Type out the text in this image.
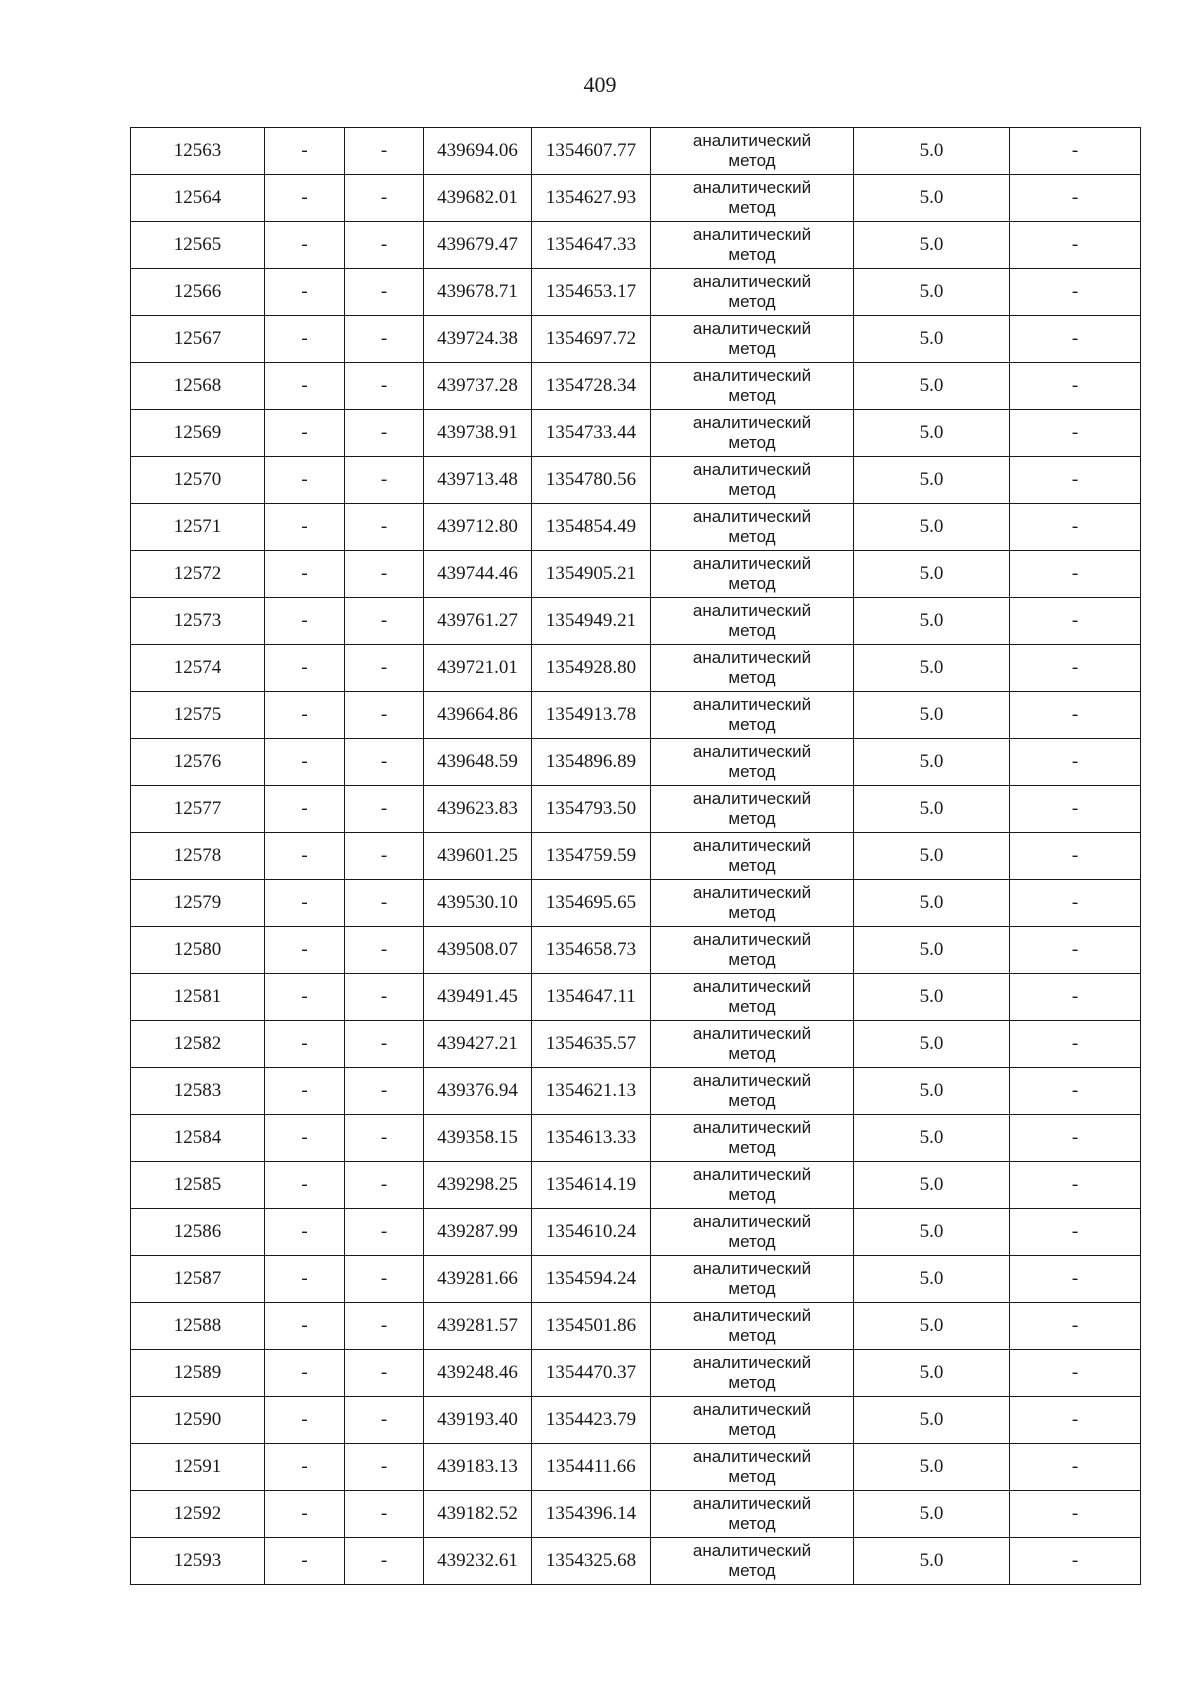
409
12563	-	-	439694.06	1354607.77	аналитический
метод	5.0	-
12564	-	-	439682.01	1354627.93	аналитический
метод	5.0	-
12565	-	-	439679.47	1354647.33	аналитический
метод	5.0	-
12566	-	-	439678.71	1354653.17	аналитический
метод	5.0	-
12567	-	-	439724.38	1354697.72	аналитический
метод	5.0	-
12568	-	-	439737.28	1354728.34	аналитический
метод	5.0	-
12569	-	-	439738.91	1354733.44	аналитический
метод	5.0	-
12570	-	-	439713.48	1354780.56	аналитический
метод	5.0	-
12571	-	-	439712.80	1354854.49	аналитический
метод	5.0	-
12572	-	-	439744.46	1354905.21	аналитический
метод	5.0	-
12573	-	-	439761.27	1354949.21	аналитический
метод	5.0	-
12574	-	-	439721.01	1354928.80	аналитический
метод	5.0	-
12575	-	-	439664.86	1354913.78	аналитический
метод	5.0	-
12576	-	-	439648.59	1354896.89	аналитический
метод	5.0	-
12577	-	-	439623.83	1354793.50	аналитический
метод	5.0	-
12578	-	-	439601.25	1354759.59	аналитический
метод	5.0	-
12579	-	-	439530.10	1354695.65	аналитический
метод	5.0	-
12580	-	-	439508.07	1354658.73	аналитический
метод	5.0	-
12581	-	-	439491.45	1354647.11	аналитический
метод	5.0	-
12582	-	-	439427.21	1354635.57	аналитический
метод	5.0	-
12583	-	-	439376.94	1354621.13	аналитический
метод	5.0	-
12584	-	-	439358.15	1354613.33	аналитический
метод	5.0	-
12585	-	-	439298.25	1354614.19	аналитический
метод	5.0	-
12586	-	-	439287.99	1354610.24	аналитический
метод	5.0	-
12587	-	-	439281.66	1354594.24	аналитический
метод	5.0	-
12588	-	-	439281.57	1354501.86	аналитический
метод	5.0	-
12589	-	-	439248.46	1354470.37	аналитический
метод	5.0	-
12590	-	-	439193.40	1354423.79	аналитический
метод	5.0	-
12591	-	-	439183.13	1354411.66	аналитический
метод	5.0	-
12592	-	-	439182.52	1354396.14	аналитический
метод	5.0	-
12593	-	-	439232.61	1354325.68	аналитический
метод	5.0	-
